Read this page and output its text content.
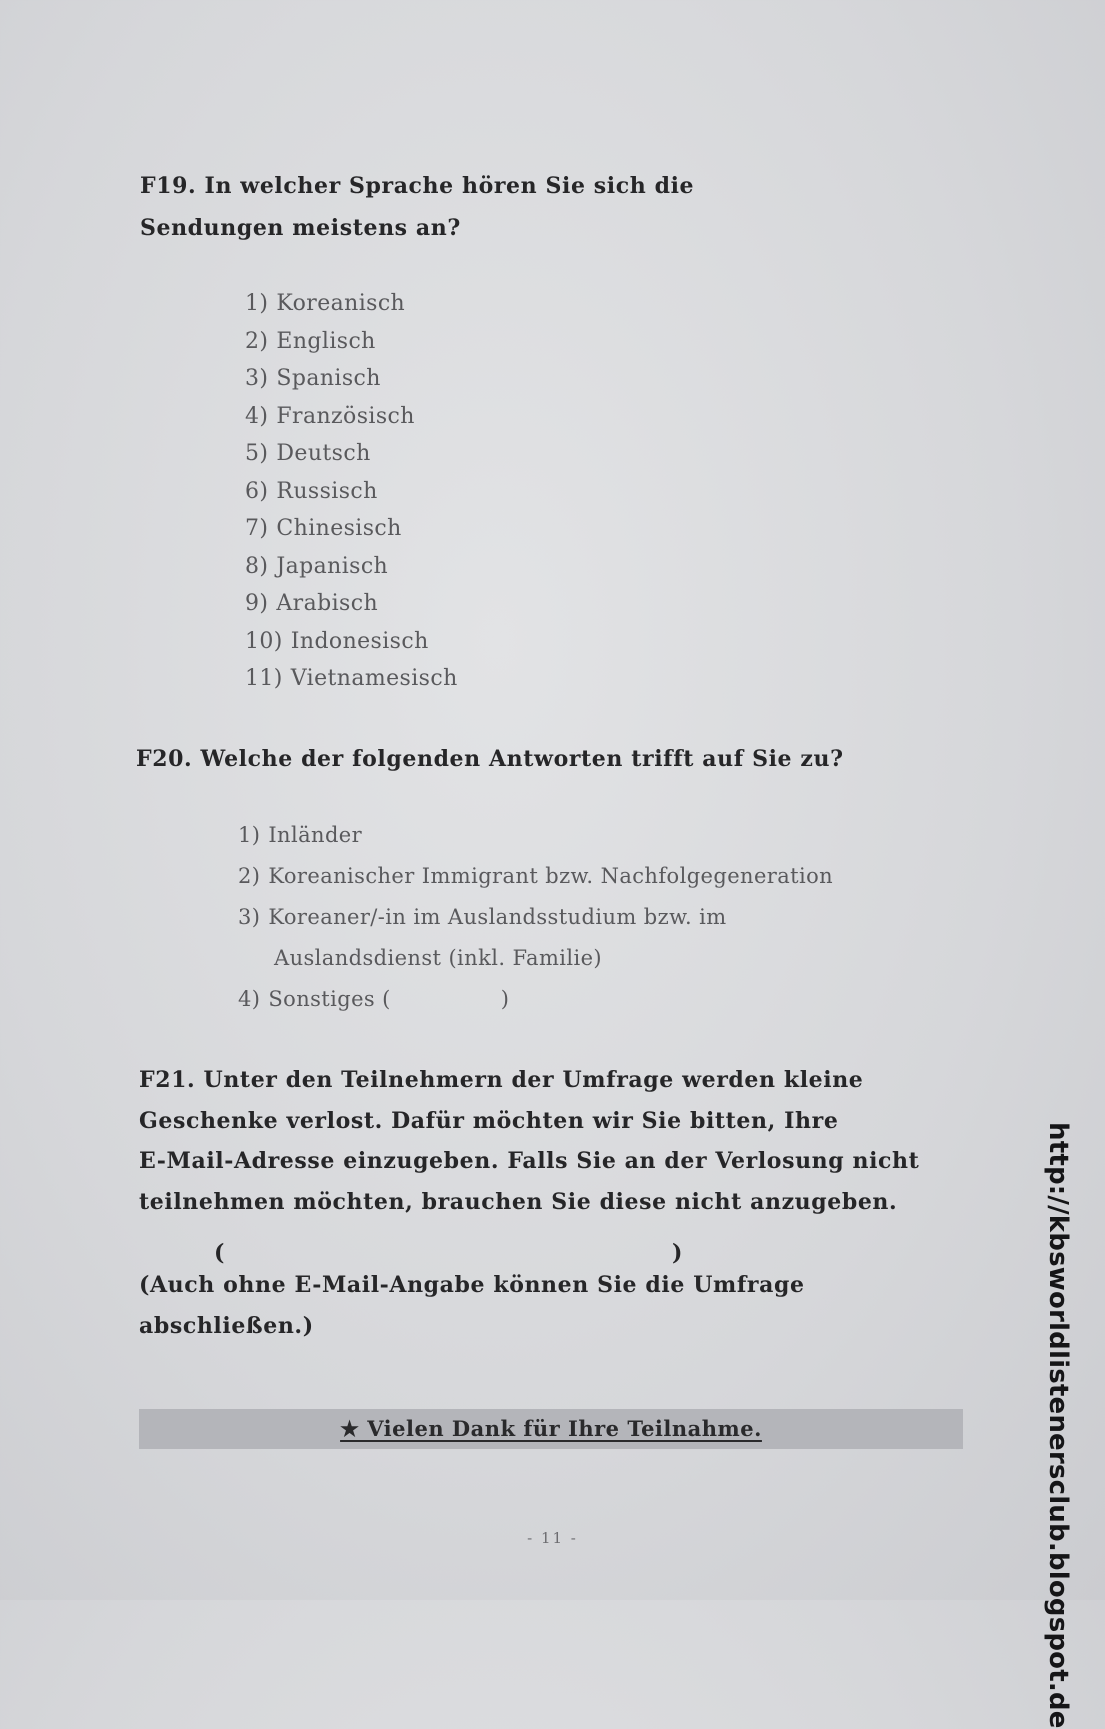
F19. In welcher Sprache hören Sie sich die
Sendungen meistens an?
1) Koreanisch
2) Englisch
3) Spanisch
4) Französisch
5) Deutsch
6) Russisch
7) Chinesisch
8) Japanisch
9) Arabisch
10) Indonesisch
11) Vietnamesisch
F20. Welche der folgenden Antworten trifft auf Sie zu?
1) Inländer
2) Koreanischer Immigrant bzw. Nachfolgegeneration
3) Koreaner/-in im Auslandsstudium bzw. im
Auslandsdienst (inkl. Familie)
4) Sonstiges (	)
F21. Unter den Teilnehmern der Umfrage werden kleine
Geschenke verlost. Dafür möchten wir Sie bitten, Ihre
E-Mail-Adresse einzugeben. Falls Sie an der Verlosung nicht
teilnehmen möchten, brauchen Sie diese nicht anzugeben.
(	)
(Auch ohne E-Mail-Angabe können Sie die Umfrage
abschließen.)
★ Vielen Dank für Ihre Teilnahme.
- 11 -	http://kbsworldlistenersclub.blogspot.de
